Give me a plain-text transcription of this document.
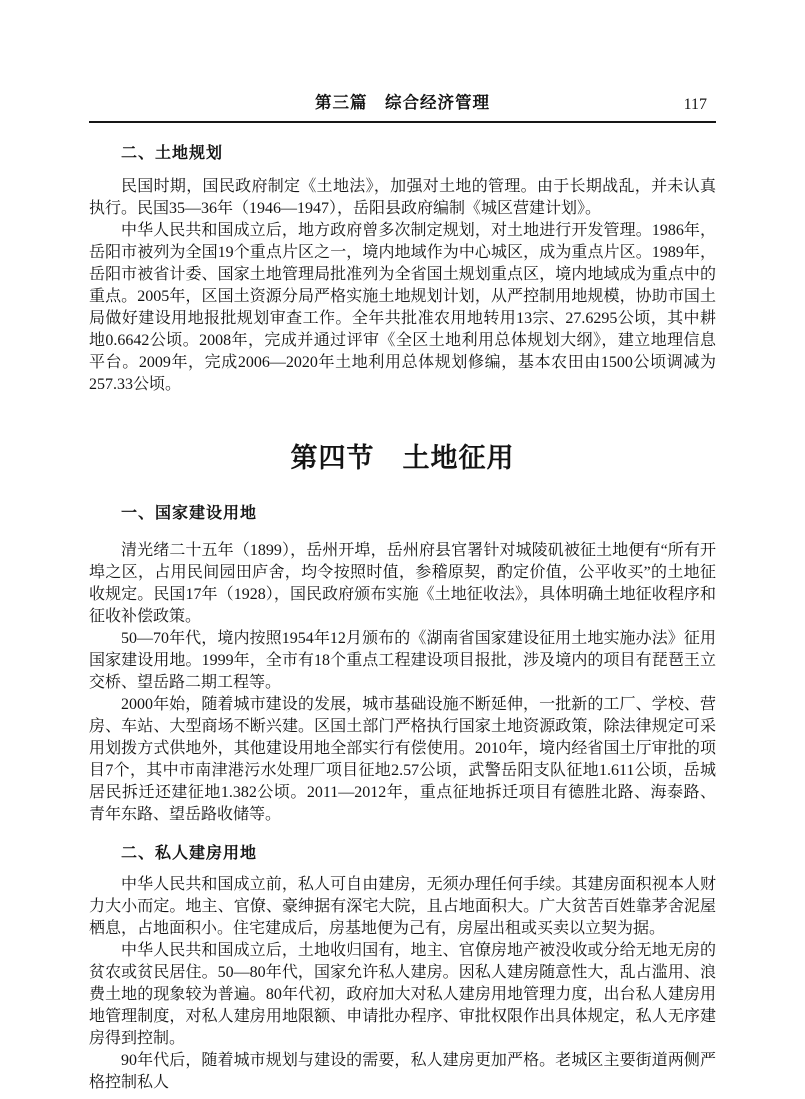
第三篇　综合经济管理	117
二、土地规划

民国时期，国民政府制定《土地法》，加强对土地的管理。由于长期战乱，并未认真执行。民国35—36年（1946—1947），岳阳县政府编制《城区营建计划》。

中华人民共和国成立后，地方政府曾多次制定规划，对土地进行开发管理。1986年，岳阳市被列为全国19个重点片区之一，境内地域作为中心城区，成为重点片区。1989年，岳阳市被省计委、国家土地管理局批准列为全省国土规划重点区，境内地域成为重点中的重点。2005年，区国土资源分局严格实施土地规划计划，从严控制用地规模，协助市国土局做好建设用地报批规划审查工作。全年共批准农用地转用13宗、27.6295公顷，其中耕地0.6642公顷。2008年，完成并通过评审《全区土地利用总体规划大纲》，建立地理信息平台。2009年，完成2006—2020年土地利用总体规划修编，基本农田由1500公顷调减为257.33公顷。

第四节　土地征用
一、国家建设用地

清光绪二十五年（1899），岳州开埠，岳州府县官署针对城陵矶被征土地便有“所有开埠之区，占用民间园田庐舍，均令按照时值，参稽原契，酌定价值，公平收买”的土地征收规定。民国17年（1928），国民政府颁布实施《土地征收法》，具体明确土地征收程序和征收补偿政策。

50—70年代，境内按照1954年12月颁布的《湖南省国家建设征用土地实施办法》征用国家建设用地。1999年，全市有18个重点工程建设项目报批，涉及境内的项目有琵琶王立交桥、望岳路二期工程等。

2000年始，随着城市建设的发展，城市基础设施不断延伸，一批新的工厂、学校、营房、车站、大型商场不断兴建。区国土部门严格执行国家土地资源政策，除法律规定可采用划拨方式供地外，其他建设用地全部实行有偿使用。2010年，境内经省国土厅审批的项目7个，其中市南津港污水处理厂项目征地2.57公顷，武警岳阳支队征地1.611公顷，岳城居民拆迁还建征地1.382公顷。2011—2012年，重点征地拆迁项目有德胜北路、海泰路、青年东路、望岳路收储等。

二、私人建房用地

中华人民共和国成立前，私人可自由建房，无须办理任何手续。其建房面积视本人财力大小而定。地主、官僚、豪绅据有深宅大院，且占地面积大。广大贫苦百姓靠茅舍泥屋栖息，占地面积小。住宅建成后，房基地便为己有，房屋出租或买卖以立契为据。

中华人民共和国成立后，土地收归国有，地主、官僚房地产被没收或分给无地无房的贫农或贫民居住。50—80年代，国家允许私人建房。因私人建房随意性大，乱占滥用、浪费土地的现象较为普遍。80年代初，政府加大对私人建房用地管理力度，出台私人建房用地管理制度，对私人建房用地限额、申请批办程序、审批权限作出具体规定，私人无序建房得到控制。

90年代后，随着城市规划与建设的需要，私人建房更加严格。老城区主要街道两侧严格控制私人
